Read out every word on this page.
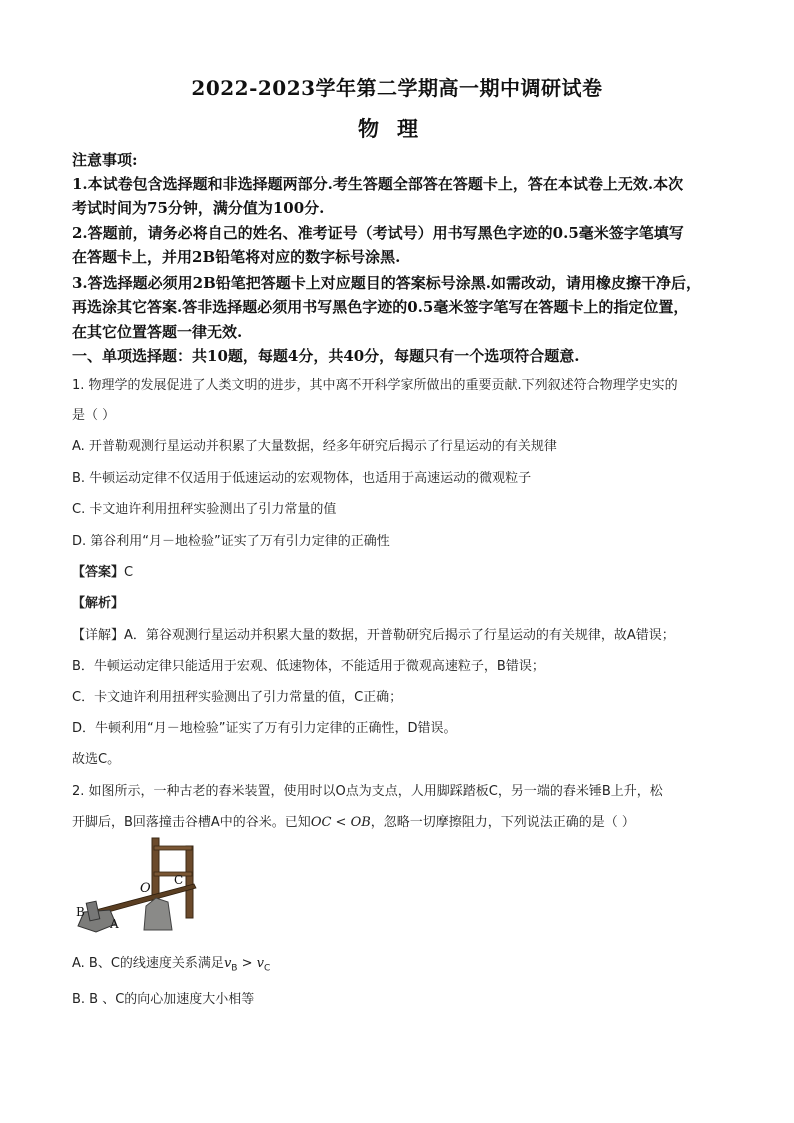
2022-2023学年第二学期高一期中调研试卷
物理
注意事项:
1.本试卷包含选择题和非选择题两部分.考生答题全部答在答题卡上，答在本试卷上无效.本次
考试时间为75分钟，满分值为100分.
2.答题前，请务必将自己的姓名、准考证号（考试号）用书写黑色字迹的0.5毫米签字笔填写
在答题卡上，并用2B铅笔将对应的数字标号涂黑.
3.答选择题必须用2B铅笔把答题卡上对应题目的答案标号涂黑.如需改动，请用橡皮擦干净后，
再选涂其它答案.答非选择题必须用书写黑色字迹的0.5毫米签字笔写在答题卡上的指定位置，
在其它位置答题一律无效.
一、单项选择题：共10题，每题4分，共40分，每题只有一个选项符合题意.
1. 物理学的发展促进了人类文明的进步，其中离不开科学家所做出的重要贡献.下列叙述符合物理学史实的
是（ ）
A. 开普勒观测行星运动并积累了大量数据，经多年研究后揭示了行星运动的有关规律
B. 牛顿运动定律不仅适用于低速运动的宏观物体，也适用于高速运动的微观粒子
C. 卡文迪许利用扭秤实验测出了引力常量的值
D. 第谷利用“月－地检验”证实了万有引力定律的正确性
【答案】C
【解析】
【详解】A．第谷观测行星运动并积累大量的数据，开普勒研究后揭示了行星运动的有关规律，故A错误；
B．牛顿运动定律只能适用于宏观、低速物体，不能适用于微观高速粒子，B错误；
C．卡文迪许利用扭秤实验测出了引力常量的值，C正确；
D．牛顿利用“月－地检验”证实了万有引力定律的正确性，D错误。
故选C。
2. 如图所示，一种古老的舂米装置，使用时以O点为支点，人用脚踩踏板C，另一端的舂米锤B上升，松
开脚后，B回落撞击谷槽A中的谷米。已知OC < OB，忽略一切摩擦阻力，下列说法正确的是（ ）
B
A
O
C
A. B、C的线速度关系满足$v_B > v_C$
B. B 、C的向心加速度大小相等
